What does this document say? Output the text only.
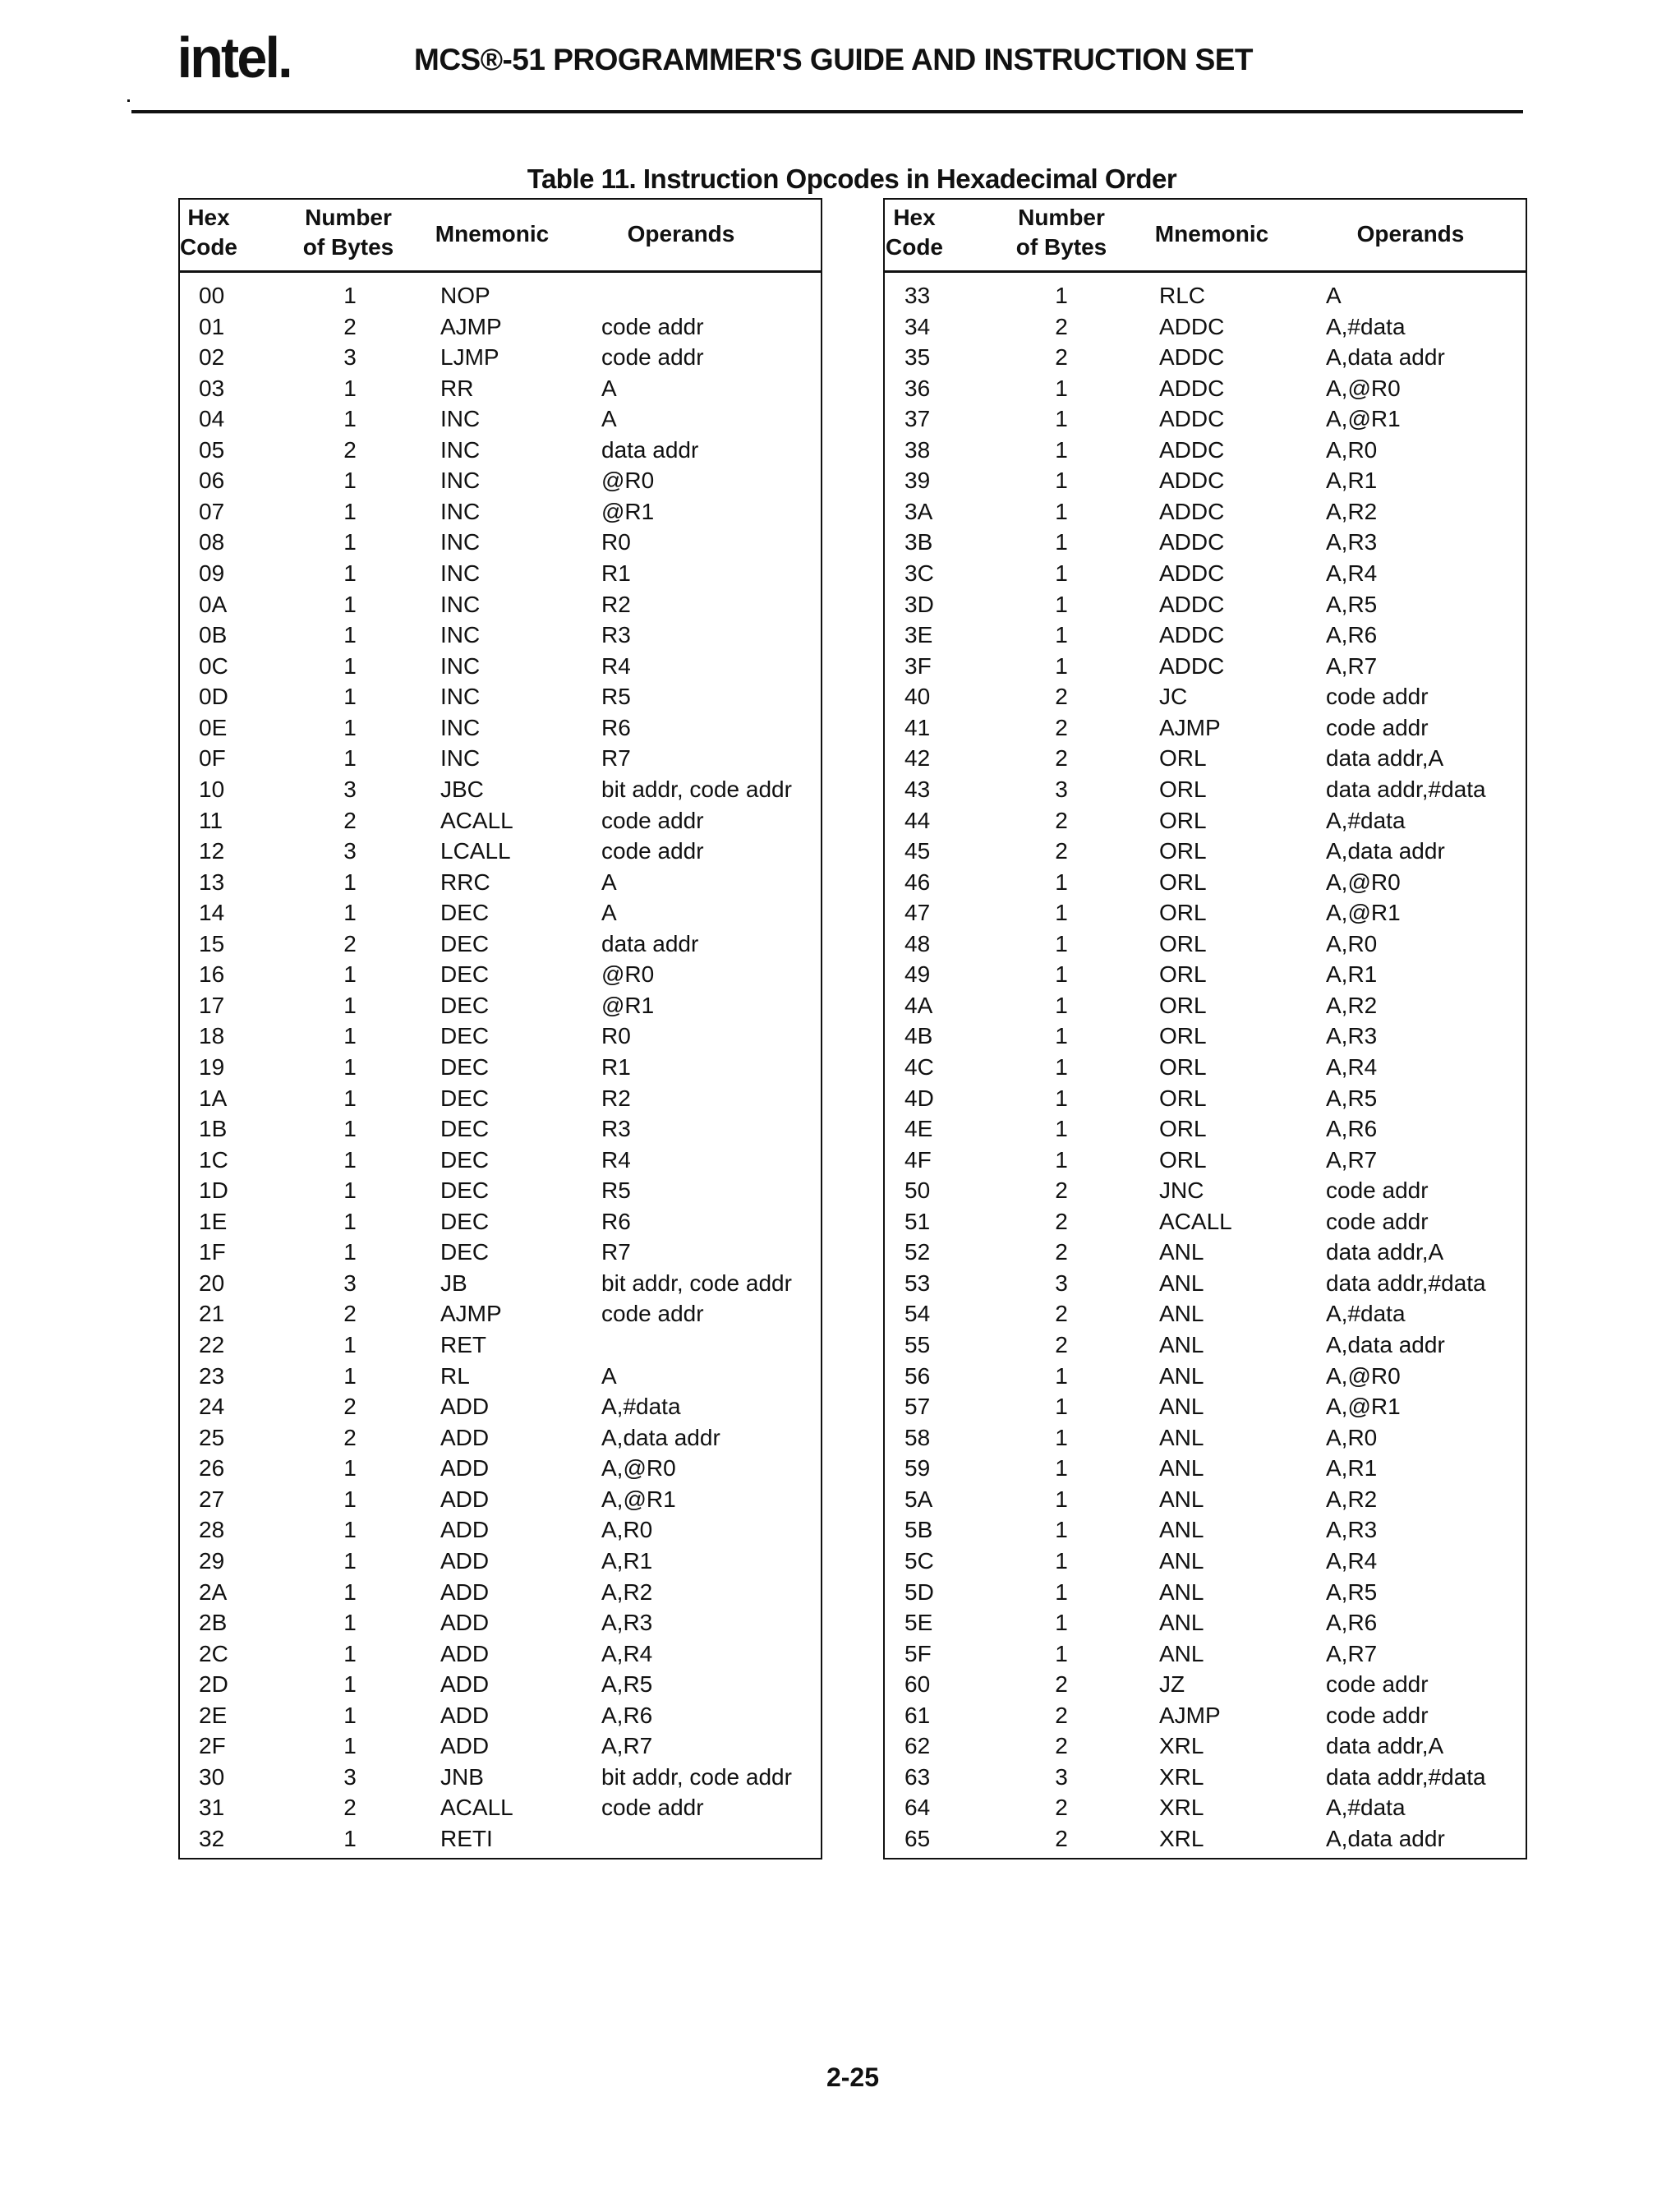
intel.	MCS®-51 PROGRAMMER'S GUIDE AND INSTRUCTION SET
Table 11. Instruction Opcodes in Hexadecimal Order
Hex
Code
Number
of Bytes
Mnemonic	Operands
00	1	NOP
01	2	AJMP	code addr
02	3	LJMP	code addr
03	1	RR	A
04	1	INC	A
05	2	INC	data addr
06	1	INC	@R0
07	1	INC	@R1
08	1	INC	R0
09	1	INC	R1
0A	1	INC	R2
0B	1	INC	R3
0C	1	INC	R4
0D	1	INC	R5
0E	1	INC	R6
0F	1	INC	R7
10	3	JBC	bit addr, code addr
11	2	ACALL	code addr
12	3	LCALL	code addr
13	1	RRC	A
14	1	DEC	A
15	2	DEC	data addr
16	1	DEC	@R0
17	1	DEC	@R1
18	1	DEC	R0
19	1	DEC	R1
1A	1	DEC	R2
1B	1	DEC	R3
1C	1	DEC	R4
1D	1	DEC	R5
1E	1	DEC	R6
1F	1	DEC	R7
20	3	JB	bit addr, code addr
21	2	AJMP	code addr
22	1	RET
23	1	RL	A
24	2	ADD	A,#data
25	2	ADD	A,data addr
26	1	ADD	A,@R0
27	1	ADD	A,@R1
28	1	ADD	A,R0
29	1	ADD	A,R1
2A	1	ADD	A,R2
2B	1	ADD	A,R3
2C	1	ADD	A,R4
2D	1	ADD	A,R5
2E	1	ADD	A,R6
2F	1	ADD	A,R7
30	3	JNB	bit addr, code addr
31	2	ACALL	code addr
32	1	RETI
Hex
Code
Number
of Bytes
Mnemonic	Operands
33	1	RLC	A
34	2	ADDC	A,#data
35	2	ADDC	A,data addr
36	1	ADDC	A,@R0
37	1	ADDC	A,@R1
38	1	ADDC	A,R0
39	1	ADDC	A,R1
3A	1	ADDC	A,R2
3B	1	ADDC	A,R3
3C	1	ADDC	A,R4
3D	1	ADDC	A,R5
3E	1	ADDC	A,R6
3F	1	ADDC	A,R7
40	2	JC	code addr
41	2	AJMP	code addr
42	2	ORL	data addr,A
43	3	ORL	data addr,#data
44	2	ORL	A,#data
45	2	ORL	A,data addr
46	1	ORL	A,@R0
47	1	ORL	A,@R1
48	1	ORL	A,R0
49	1	ORL	A,R1
4A	1	ORL	A,R2
4B	1	ORL	A,R3
4C	1	ORL	A,R4
4D	1	ORL	A,R5
4E	1	ORL	A,R6
4F	1	ORL	A,R7
50	2	JNC	code addr
51	2	ACALL	code addr
52	2	ANL	data addr,A
53	3	ANL	data addr,#data
54	2	ANL	A,#data
55	2	ANL	A,data addr
56	1	ANL	A,@R0
57	1	ANL	A,@R1
58	1	ANL	A,R0
59	1	ANL	A,R1
5A	1	ANL	A,R2
5B	1	ANL	A,R3
5C	1	ANL	A,R4
5D	1	ANL	A,R5
5E	1	ANL	A,R6
5F	1	ANL	A,R7
60	2	JZ	code addr
61	2	AJMP	code addr
62	2	XRL	data addr,A
63	3	XRL	data addr,#data
64	2	XRL	A,#data
65	2	XRL	A,data addr
2-25
